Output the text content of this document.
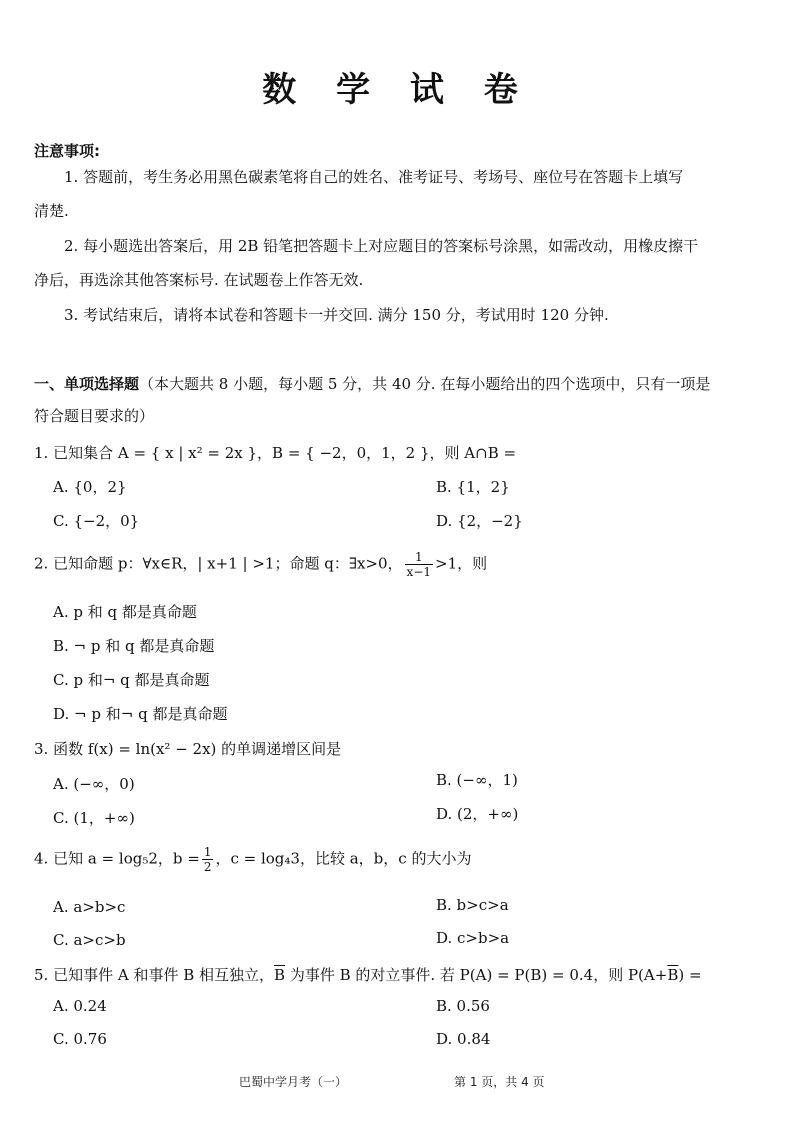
数 学 试 卷
注意事项:
1. 答题前，考生务必用黑色碳素笔将自己的姓名、准考证号、考场号、座位号在答题卡上填写
清楚.
2. 每小题选出答案后，用 2B 铅笔把答题卡上对应题目的答案标号涂黑，如需改动，用橡皮擦干
净后，再选涂其他答案标号. 在试题卷上作答无效.
3. 考试结束后，请将本试卷和答题卡一并交回. 满分 150 分，考试用时 120 分钟.
一、单项选择题（本大题共 8 小题，每小题 5 分，共 40 分. 在每小题给出的四个选项中，只有一项是
符合题目要求的）
1. 已知集合 A = { x | x² = 2x }，B = { −2，0，1，2 }，则 A∩B =
A. {0，2}	B. {1，2}
C. {−2，0}	D. {2，−2}
2. 已知命题 p：∀x∈R，| x+1 | >1；命题 q：∃x>0， $\frac{1}{x-1} >1$，则
A. p 和 q 都是真命题
B. ¬ p 和 q 都是真命题
C. p 和¬ q 都是真命题
D. ¬ p 和¬ q 都是真命题
3. 函数 f(x) = ln(x² − 2x) 的单调递增区间是
A. (−∞，0)	B. (−∞，1)
C. (1，+∞)	D. (2，+∞)
4. 已知 a = log₅2，$b = \frac{1}{2}$ ，c = log₄3，比较 a，b，c 的大小为
A. a>b>c	B. b>c>a
C. a>c>b	D. c>b>a
5. 已知事件 A 和事件 B 相互独立，$\overline{B}$ 为事件 B 的对立事件. 若 P(A) = P(B) = 0.4，则 $P(A+\overline{B})$ =
A. 0.24	B. 0.56
C. 0.76	D. 0.84
巴蜀中学月考（一）	第 1 页，共 4 页
